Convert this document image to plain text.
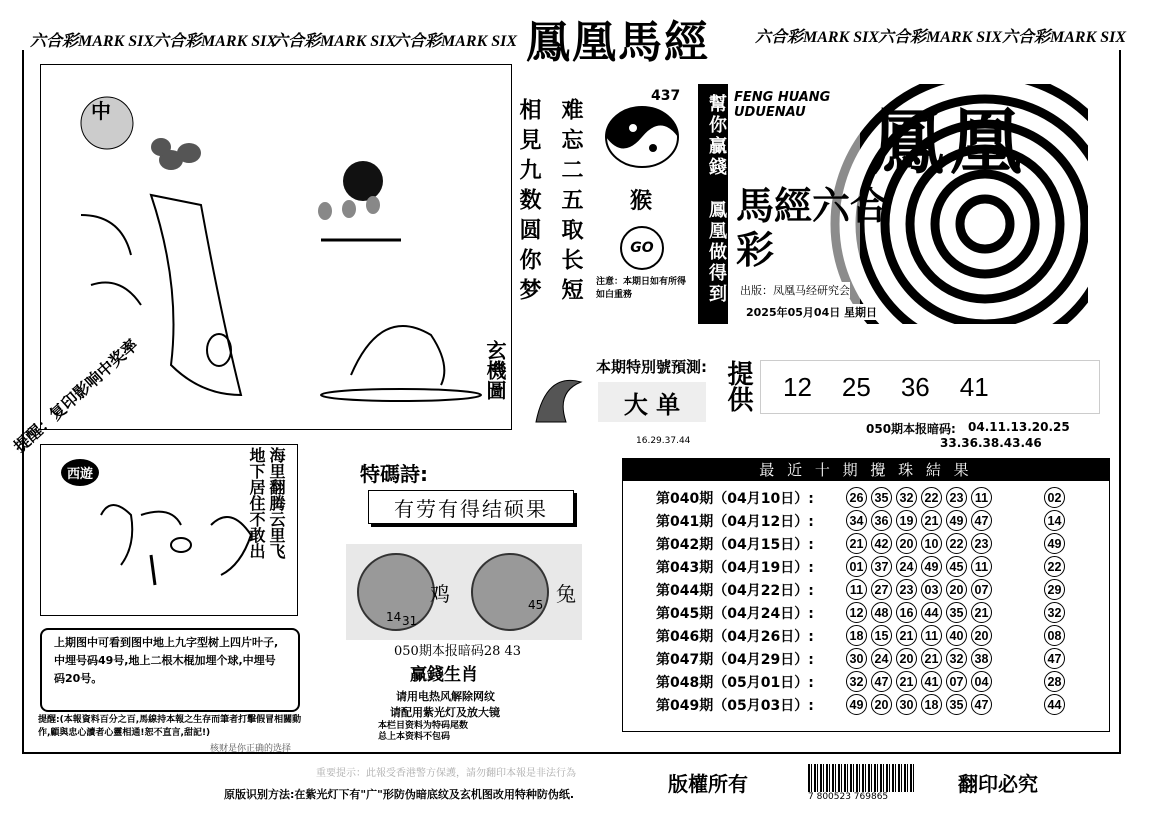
六合彩MARK SIX
六合彩MARK SIX
六合彩MARK SIX
六合彩MARK SIX 鳳凰馬經	六合彩MARK SIX
六合彩MARK SIX 六合彩MARK SIX
中
玄機圖
提醒：复印影响中奖率
难忘二五取长短
相見九数圆你梦
437
猴
GO
注意：本期日如有所得如白重務
幫你贏錢
鳳凰做得到
FENG HUANG UDUENAU 鳳凰
馬經六合彩
出版：凤凰马经研究会
2025年05月04日 星期日
西遊	海里翻腾云里飞
地下居住不敢出
上期图中可看到图中地上九字型树上四片叶子,中埋号码49号,地上二根木棍加埋个球,中埋号码20号。
提醒:(本報資料百分之百,馬線持本報之生存而筆者打擊假冒相關動作,顧與忠心讀者心靈相通!恕不直言,甜記!)
核财是你正确的选择
特碼詩:
有劳有得结硕果
14 31
45
鸡	兔
050期本报暗码28 43
赢錢生肖
请用电热风解除网纹
请配用紫光灯及放大镜
本栏目资料为特码尾数
总上本资料不包码
本期特別號預測:
大 单 提供 12 25 36 41
16.29.37.44
050期本报暗码: 04.11.13.20.25
33.36.38.43.46
最 近 十 期 攪 珠 結 果
第040期（04月10日）:	26 35 32 22 23 11	02
第041期（04月12日）:	34 36 19 21 49 47	14
第042期（04月15日）:	21 42 20 10 22 23	49
第043期（04月19日）:	01 37 24 49 45 11	22
第044期（04月22日）:	11 27 23 03 20 07	29
第045期（04月24日）:	12 48 16 44 35 21	32
第046期（04月26日）:	18 15 21 11 40 20	08
第047期（04月29日）:	30 24 20 21 32 38	47
第048期（05月01日）:	32 47 21 41 07 04	28
第049期（05月03日）:	49 20 30 18 35 47	44
重要提示：此報受香港警方保護，請勿翻印本報是非法行為
原版识别方法:在紫光灯下有"广"形防伪暗底纹及玄机图改用特种防伪纸.	版權所有
7 800523 769865
翻印必究
